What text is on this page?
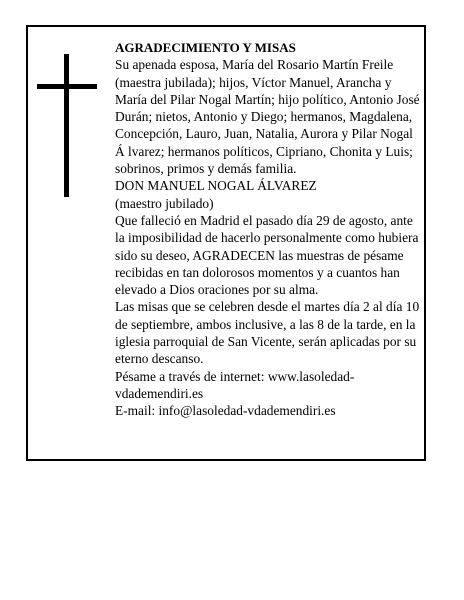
AGRADECIMIENTO Y MISAS

Su apenada esposa, María del Rosario Martín Freile (maestra jubilada); hijos, Víctor Manuel, Arancha y María del Pilar Nogal Martín; hijo político, Antonio José Durán; nietos, Antonio y Diego; hermanos, Magdalena, Concepción, Lauro, Juan, Natalia, Aurora y Pilar Nogal Á lvarez; hermanos políticos, Cipriano, Chonita y Luis; sobrinos, primos y demás familia.

DON MANUEL NOGAL ÁLVAREZ

(maestro jubilado)

Que falleció en Madrid el pasado día 29 de agosto, ante la imposibilidad de hacerlo personalmente como hubiera sido su deseo, AGRADECEN las muestras de pésame recibidas en tan dolorosos momentos y a cuantos han elevado a Dios oraciones por su alma.

Las misas que se celebren desde el martes día 2 al día 10 de septiembre, ambos inclusive, a las 8 de la tarde, en la iglesia parroquial de San Vicente, serán aplicadas por su eterno descanso.

Pésame a través de internet: www.lasoledad-vdademendiri.es

E-mail: info@lasoledad-vdademendiri.es
